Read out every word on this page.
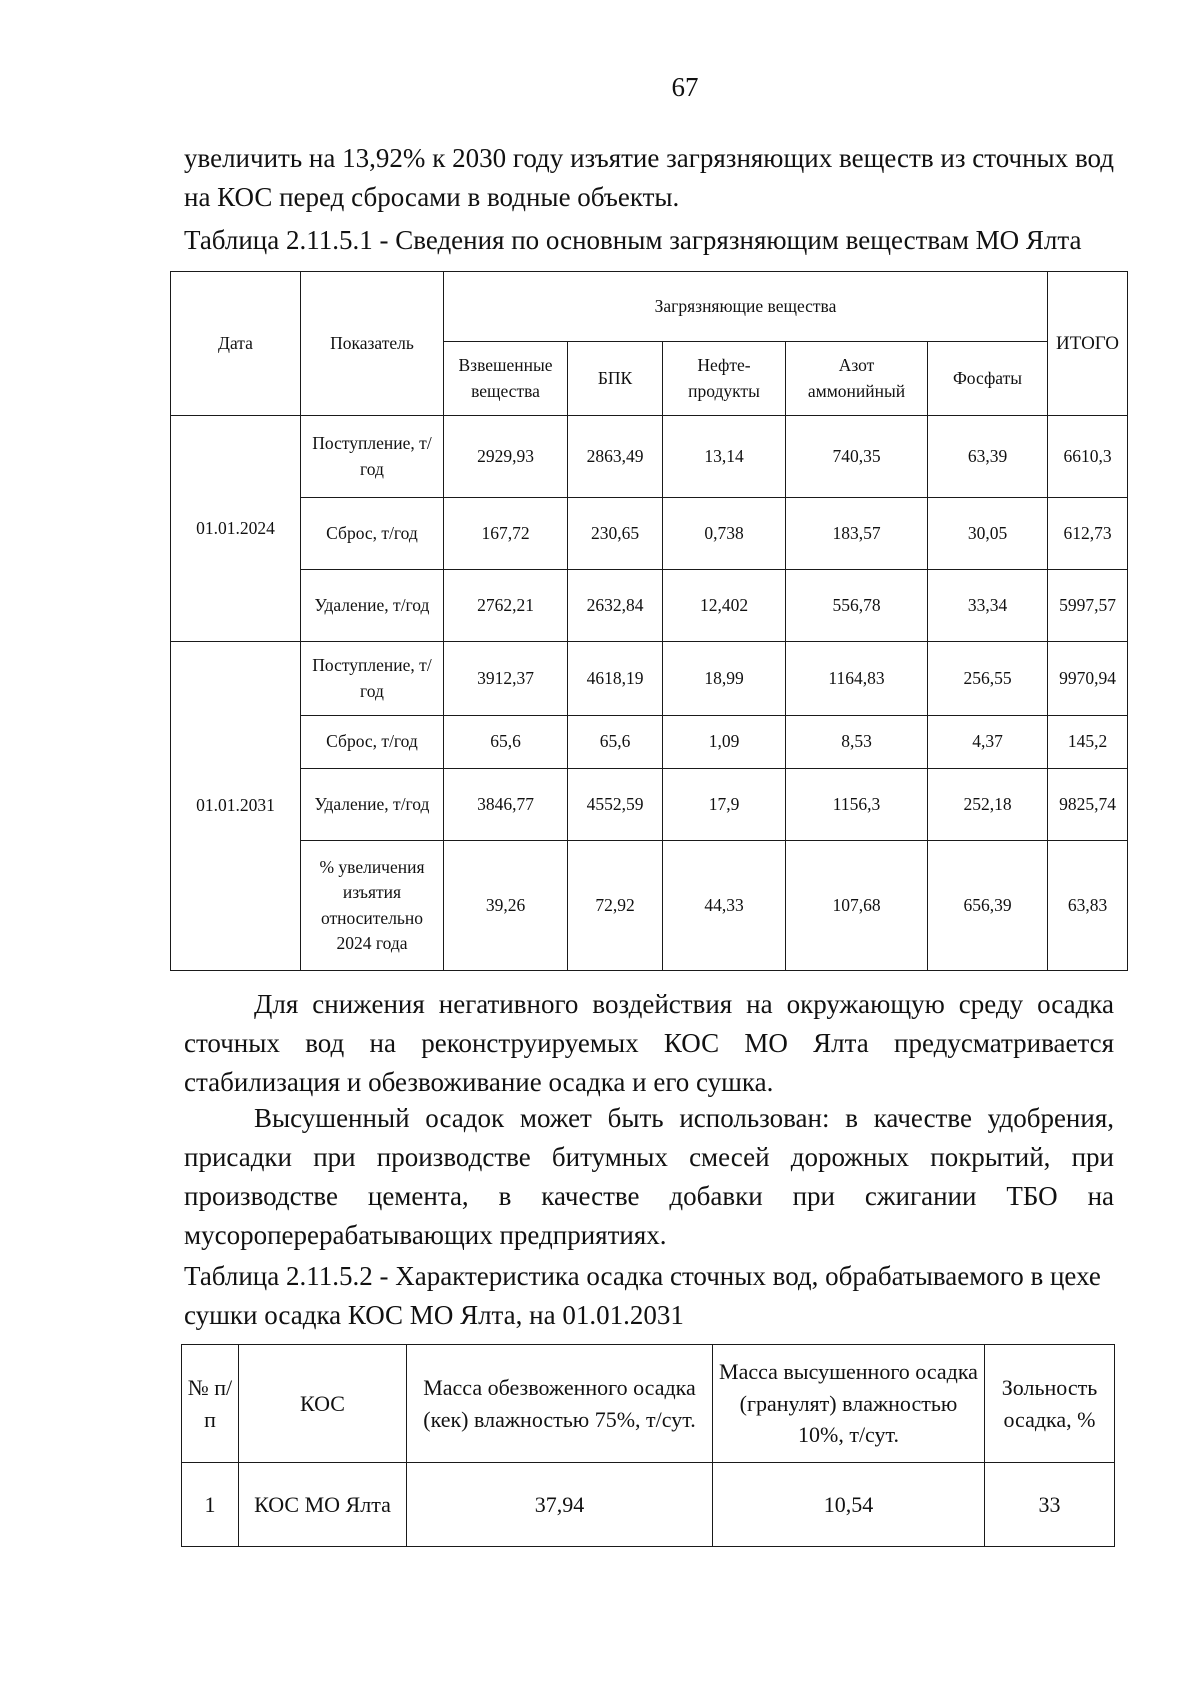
67

увеличить на 13,92% к 2030 году изъятие загрязняющих веществ из сточных вод на КОС перед сбросами в водные объекты.

Таблица 2.11.5.1 - Сведения по основным загрязняющим веществам МО Ялта

Дата	Показатель	Загрязняющие вещества					ИТОГО
		Взвешенные вещества	БПК	Нефте-продукты	Азот аммонийный	Фосфаты	
01.01.2024	Поступление, т/год	2929,93	2863,49	13,14	740,35	63,39	6610,3
	Сброс, т/год	167,72	230,65	0,738	183,57	30,05	612,73
	Удаление, т/год	2762,21	2632,84	12,402	556,78	33,34	5997,57
01.01.2031	Поступление, т/год	3912,37	4618,19	18,99	1164,83	256,55	9970,94
	Сброс, т/год	65,6	65,6	1,09	8,53	4,37	145,2
	Удаление, т/год	3846,77	4552,59	17,9	1156,3	252,18	9825,74
	% увеличения изъятия относительно 2024 года	39,26	72,92	44,33	107,68	656,39	63,83

Для снижения негативного воздействия на окружающую среду осадка сточных вод на реконструируемых КОС МО Ялта предусматривается стабилизация и обезвоживание осадка и его сушка.

Высушенный осадок может быть использован: в качестве удобрения, присадки при производстве битумных смесей дорожных покрытий, при производстве цемента, в качестве добавки при сжигании ТБО на мусороперерабатывающих предприятиях.

Таблица 2.11.5.2 - Характеристика осадка сточных вод, обрабатываемого в цехе сушки осадка КОС МО Ялта, на 01.01.2031

№ п/п	КОС	Масса обезвоженного осадка (кек) влажностью 75%, т/сут.	Масса высушенного осадка (гранулят) влажностью 10%, т/сут.	Зольность осадка, %
1	КОС МО Ялта	37,94	10,54	33
